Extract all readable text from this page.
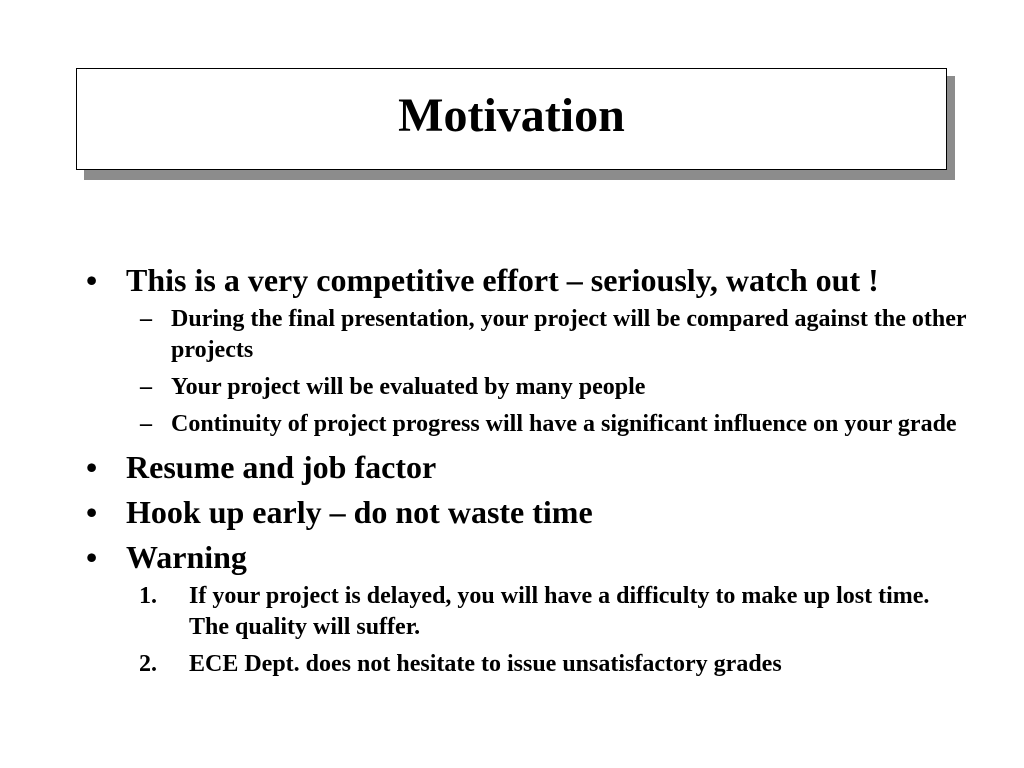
Motivation
• This is a very competitive effort – seriously, watch out !
– During the final presentation, your project will be compared against the other projects
– Your project will be evaluated by many people
– Continuity of project progress will have a significant influence on your grade
• Resume and job factor
• Hook up early – do not waste time
• Warning
1.	If your project is delayed, you will have a difficulty to make up lost time. The quality will suffer.
2.	ECE Dept. does not hesitate to issue unsatisfactory grades
